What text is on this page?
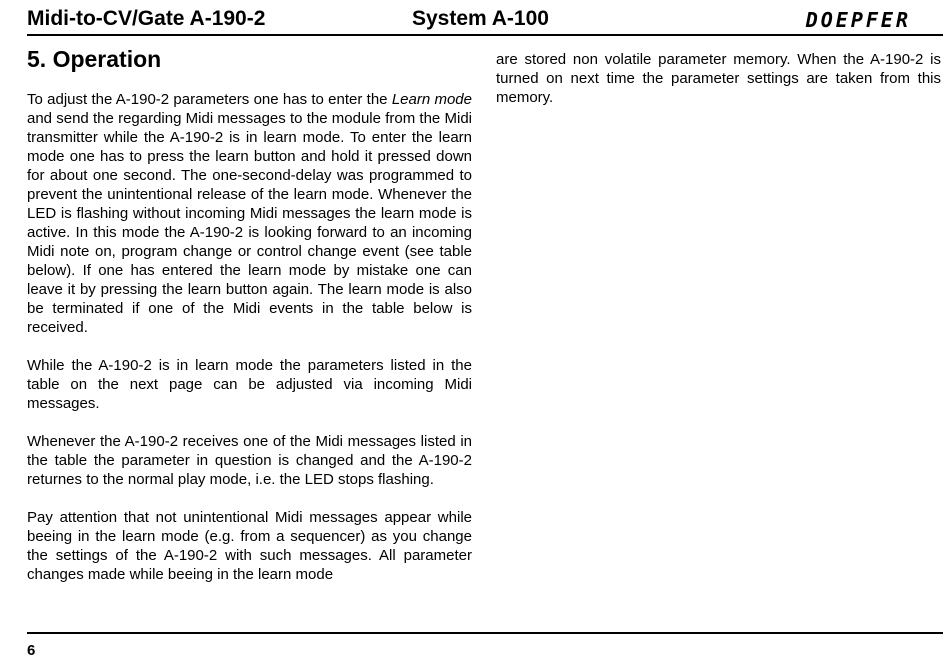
Midi-to-CV/Gate A-190-2	System A-100	DOEPFER
5. Operation

To adjust the A-190-2 parameters one has to enter the Learn mode and send the regarding Midi messages to the module from the Midi transmitter while the A-190-2 is in learn mode. To enter the learn mode one has to press the learn button and hold it pressed down for about one second. The one-second-delay was programmed to prevent the unintentional release of the learn mode. Whenever the LED is flashing without incoming Midi messages the learn mode is active. In this mode the A-190-2 is looking forward to an incoming Midi note on, program change or control change event (see table below). If one has entered the learn mode by mistake one can leave it by pressing the learn button again. The learn mode is also be terminated if one of the Midi events in the table below is received.

While the A-190-2 is in learn mode the parameters listed in the table on the next page can be adjusted via incoming Midi messages.

Whenever the A-190-2 receives one of the Midi messages listed in the table the parameter in question is changed and the A-190-2 returnes to the normal play mode, i.e. the LED stops flashing.

Pay attention that not unintentional Midi messages appear while beeing in the learn mode (e.g. from a sequencer) as you change the settings of the A-190-2 with such messages. All parameter changes made while beeing in the learn mode

are stored non volatile parameter memory. When the A-190-2 is turned on next time the parameter settings are taken from this memory.

6
